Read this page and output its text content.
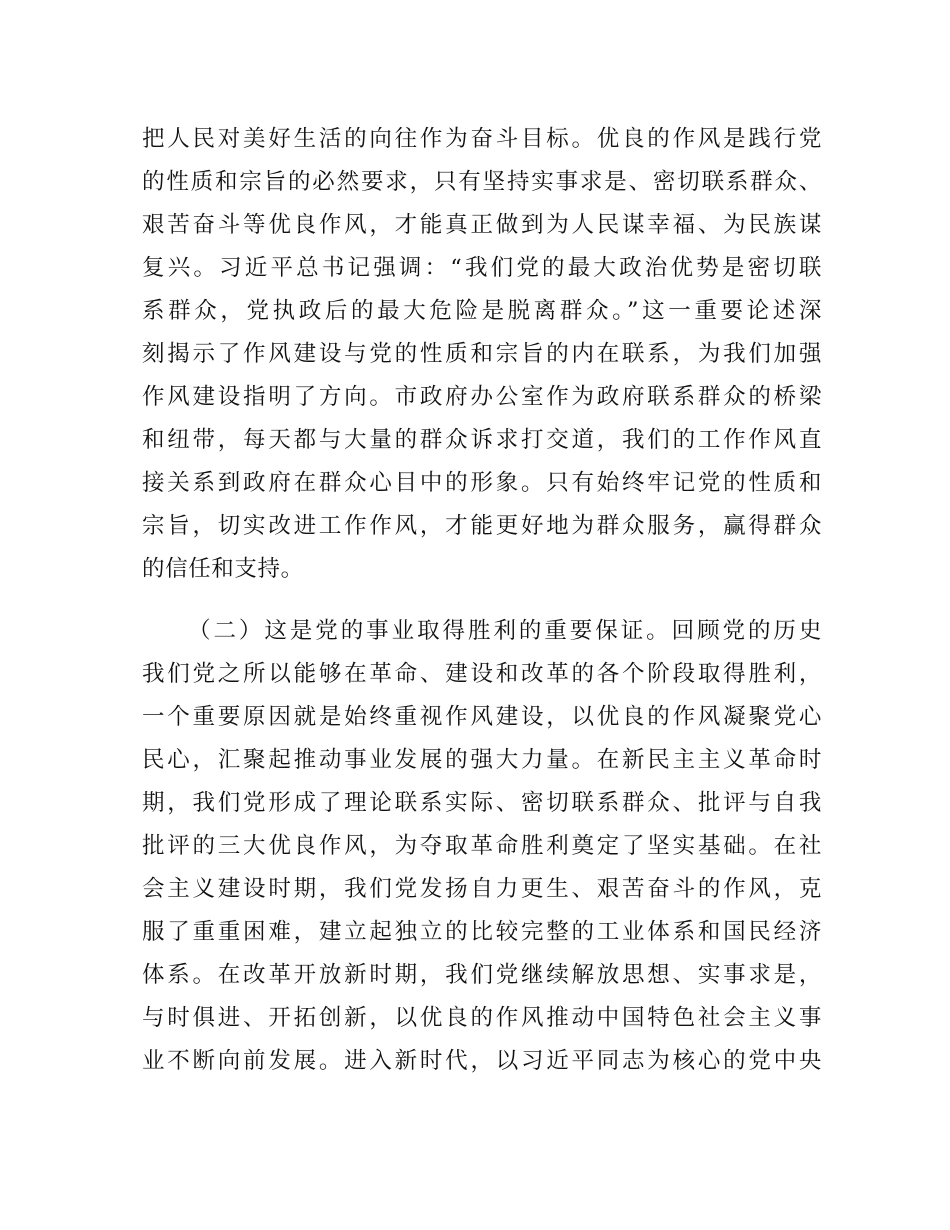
把人民对美好生活的向往作为奋斗目标。优良的作风是践行党
的性质和宗旨的必然要求，只有坚持实事求是、密切联系群众、
艰苦奋斗等优良作风，才能真正做到为人民谋幸福、为民族谋
复兴。习近平总书记强调：“我们党的最大政治优势是密切联
系群众，党执政后的最大危险是脱离群众。”这一重要论述深
刻揭示了作风建设与党的性质和宗旨的内在联系，为我们加强
作风建设指明了方向。市政府办公室作为政府联系群众的桥梁
和纽带，每天都与大量的群众诉求打交道，我们的工作作风直
接关系到政府在群众心目中的形象。只有始终牢记党的性质和
宗旨，切实改进工作作风，才能更好地为群众服务，赢得群众
的信任和支持。
（二）这是党的事业取得胜利的重要保证。回顾党的历史
我们党之所以能够在革命、建设和改革的各个阶段取得胜利，
一个重要原因就是始终重视作风建设，以优良的作风凝聚党心
民心，汇聚起推动事业发展的强大力量。在新民主主义革命时
期，我们党形成了理论联系实际、密切联系群众、批评与自我
批评的三大优良作风，为夺取革命胜利奠定了坚实基础。在社
会主义建设时期，我们党发扬自力更生、艰苦奋斗的作风，克
服了重重困难，建立起独立的比较完整的工业体系和国民经济
体系。在改革开放新时期，我们党继续解放思想、实事求是，
与时俱进、开拓创新，以优良的作风推动中国特色社会主义事
业不断向前发展。进入新时代，以习近平同志为核心的党中央
